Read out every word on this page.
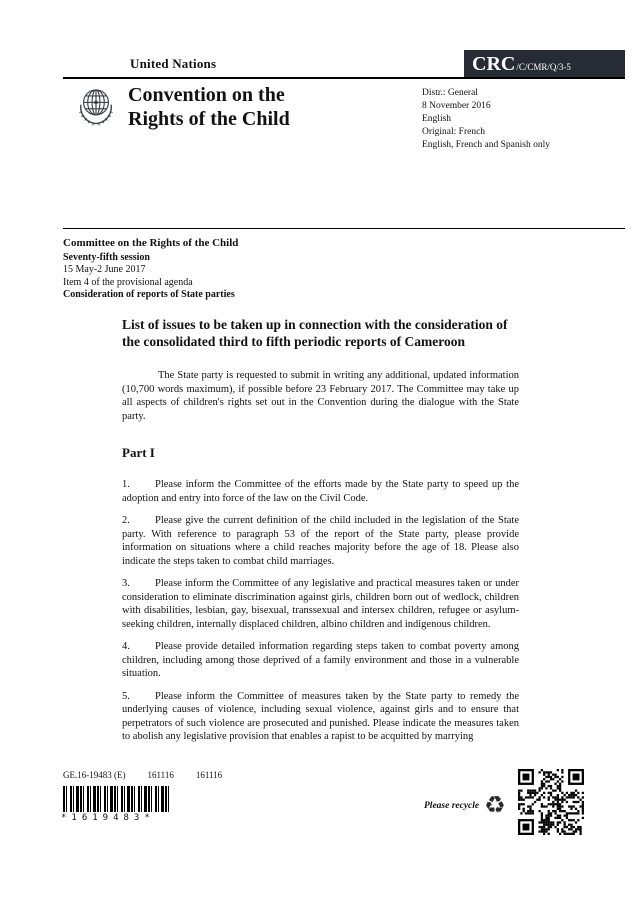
United Nations	CRC /C/CMR/Q/3-5
Convention on the
Rights of the Child
Distr.: General
8 November 2016
English
Original: French
English, French and Spanish only
Committee on the Rights of the Child
Seventy-fifth session
15 May-2 June 2017
Item 4 of the provisional agenda
Consideration of reports of State parties
List of issues to be taken up in connection with the consideration of the consolidated third to fifth periodic reports of Cameroon

The State party is requested to submit in writing any additional, updated information (10,700 words maximum), if possible before 23 February 2017. The Committee may take up all aspects of children's rights set out in the Convention during the dialogue with the State party.

Part I

1. Please inform the Committee of the efforts made by the State party to speed up the adoption and entry into force of the law on the Civil Code.

2. Please give the current definition of the child included in the legislation of the State party. With reference to paragraph 53 of the report of the State party, please provide information on situations where a child reaches majority before the age of 18. Please also indicate the steps taken to combat child marriages.

3. Please inform the Committee of any legislative and practical measures taken or under consideration to eliminate discrimination against girls, children born out of wedlock, children with disabilities, lesbian, gay, bisexual, transsexual and intersex children, refugee or asylum-seeking children, internally displaced children, albino children and indigenous children.

4. Please provide detailed information regarding steps taken to combat poverty among children, including among those deprived of a family environment and those in a vulnerable situation.

5. Please inform the Committee of measures taken by the State party to remedy the underlying causes of violence, including sexual violence, against girls and to ensure that perpetrators of such violence are prosecuted and punished. Please indicate the measures taken to abolish any legislative provision that enables a rapist to be acquitted by marrying

GE.16-19483 (E) 161116 161116
*1619483*
Please recycle ♻
